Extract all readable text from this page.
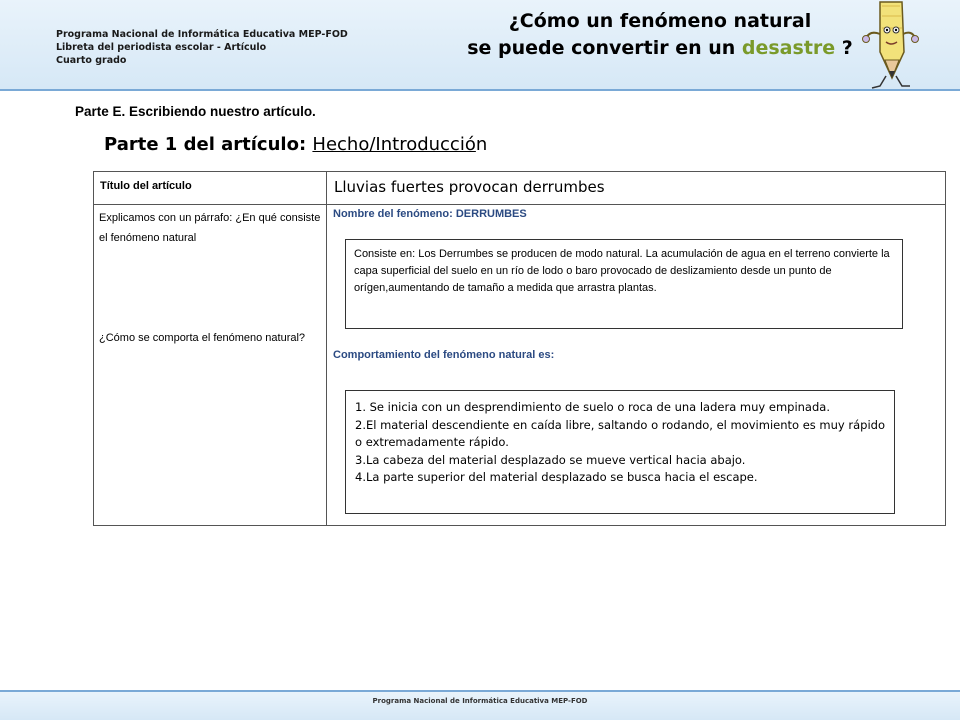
Programa Nacional de Informática Educativa MEP-FOD
Libreta del periodista escolar - Artículo
Cuarto grado
¿Cómo un fenómeno natural
se puede convertir en un desastre ?
Parte E. Escribiendo nuestro artículo.
Parte 1 del artículo: Hecho/Introducción
Título del artículo	Lluvias fuertes provocan derrumbes
Explicamos con un párrafo: ¿En qué consiste el fenómeno natural
¿Cómo se comporta el fenómeno natural?
Nombre del fenómeno: DERRUMBES

Consiste en: Los Derrumbes se producen de modo natural. La acumulación de agua en el terreno convierte la capa superficial del suelo en un río de lodo o baro provocado de deslizamiento desde un punto de orígen,aumentando de tamaño a medida que arrastra plantas.

Comportamiento del fenómeno natural es:

1. Se inicia con un desprendimiento de suelo o roca de una ladera muy empinada.

2.El material descendiente en caída libre, saltando o rodando, el movimiento es muy rápido o extremadamente rápido.

3.La cabeza del material desplazado se mueve vertical hacia abajo.

4.La parte superior del material desplazado se busca hacia el escape.

Programa Nacional de Informática Educativa MEP-FOD
